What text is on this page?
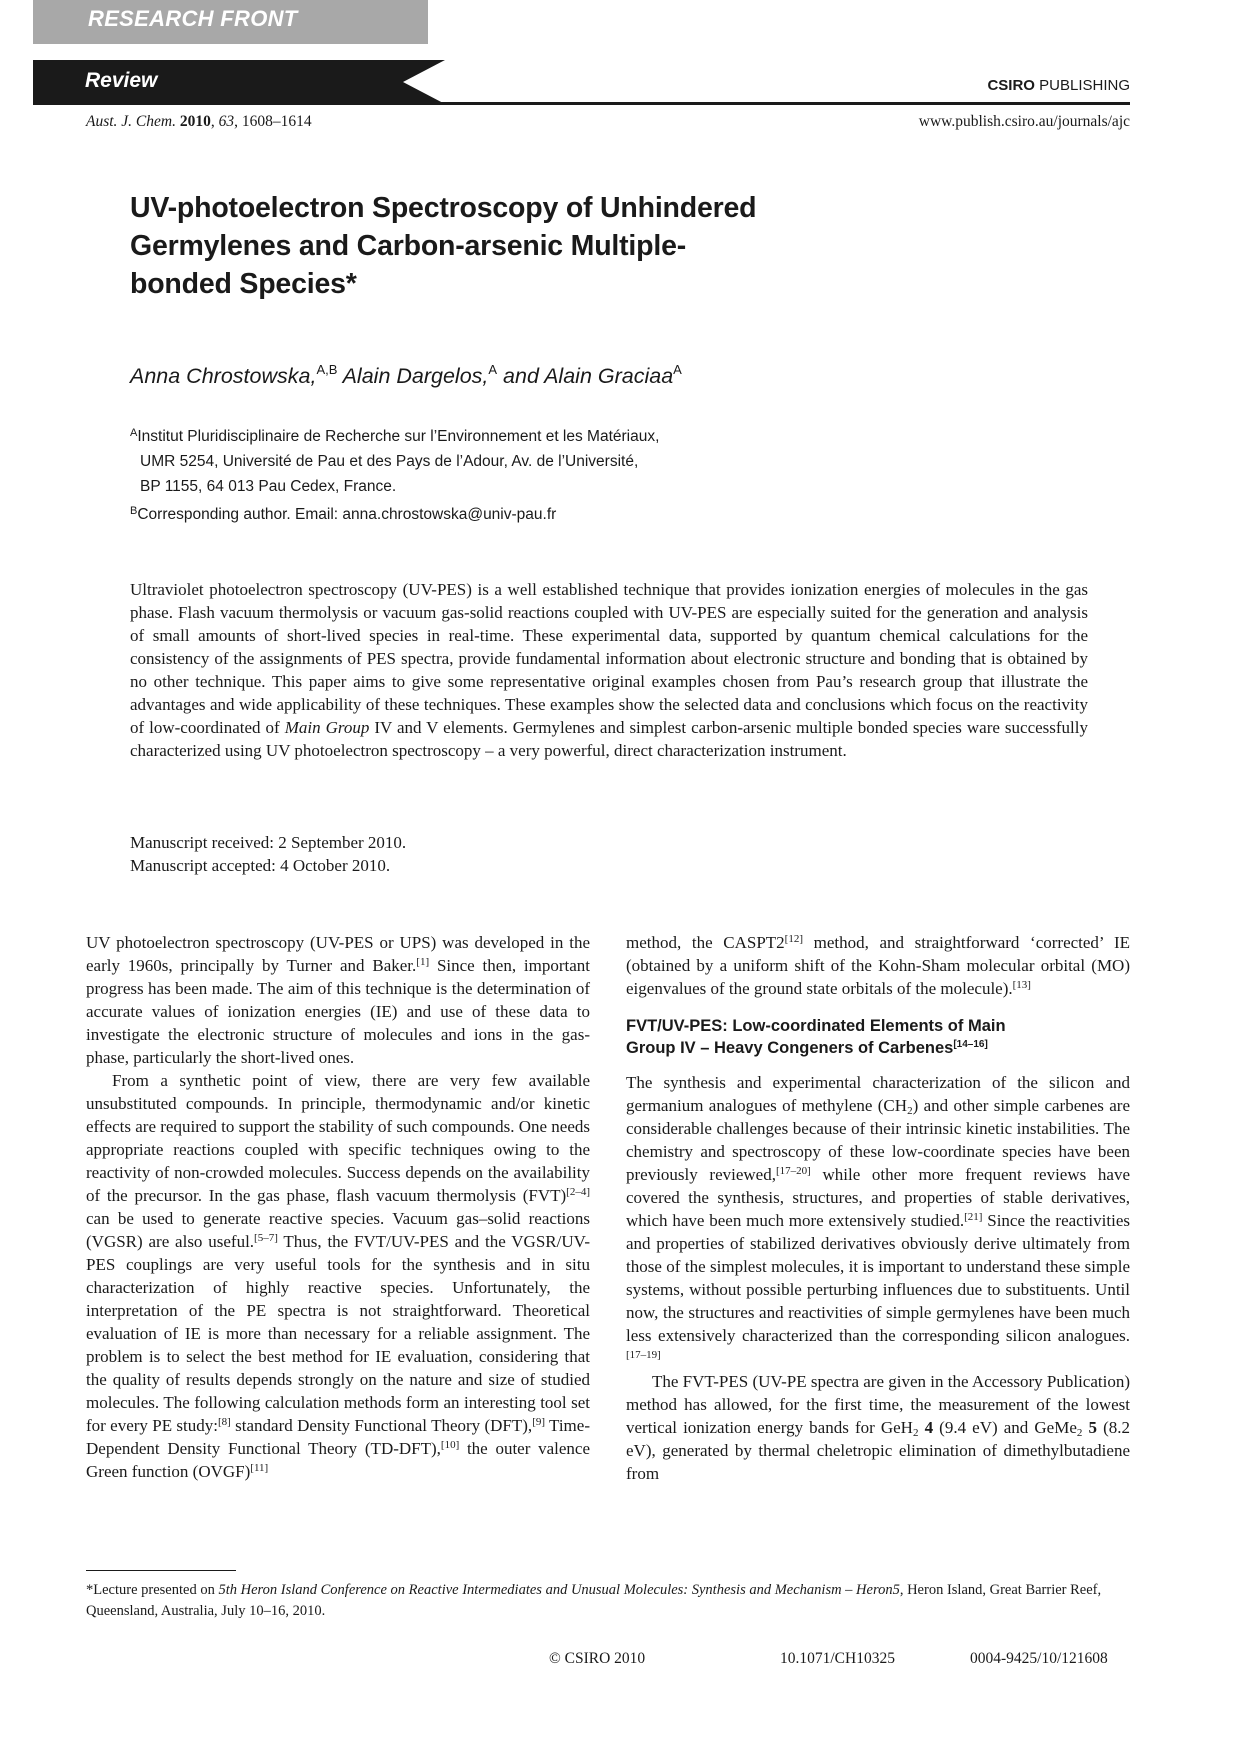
RESEARCH FRONT
Review	CSIRO PUBLISHING
Aust. J. Chem. 2010, 63, 1608–1614	www.publish.csiro.au/journals/ajc
UV-photoelectron Spectroscopy of Unhindered
Germylenes and Carbon-arsenic Multiple-
bonded Species*
Anna Chrostowska,$^{A,B}$ Alain Dargelos,$^A$ and Alain Graciaa$^A$
$^A$Institut Pluridisciplinaire de Recherche sur l’Environnement et les Matériaux,
UMR 5254, Université de Pau et des Pays de l’Adour, Av. de l’Université,
BP 1155, 64 013 Pau Cedex, France.
$^B$Corresponding author. Email: anna.chrostowska@univ-pau.fr
Ultraviolet photoelectron spectroscopy (UV-PES) is a well established technique that provides ionization energies of molecules in the gas phase. Flash vacuum thermolysis or vacuum gas-solid reactions coupled with UV-PES are especially suited for the generation and analysis of small amounts of short-lived species in real-time. These experimental data, supported by quantum chemical calculations for the consistency of the assignments of PES spectra, provide fundamental information about electronic structure and bonding that is obtained by no other technique. This paper aims to give some representative original examples chosen from Pau’s research group that illustrate the advantages and wide applicability of these techniques. These examples show the selected data and conclusions which focus on the reactivity of low-coordinated of Main Group IV and V elements. Germylenes and simplest carbon-arsenic multiple bonded species ware successfully characterized using UV photoelectron spectroscopy – a very powerful, direct characterization instrument.
Manuscript received: 2 September 2010.
Manuscript accepted: 4 October 2010.

UV photoelectron spectroscopy (UV-PES or UPS) was developed in the early 1960s, principally by Turner and Baker.[1] Since then, important progress has been made. The aim of this technique is the determination of accurate values of ionization energies (IE) and use of these data to investigate the electronic structure of molecules and ions in the gas-phase, particularly the short-lived ones.

From a synthetic point of view, there are very few available unsubstituted compounds. In principle, thermodynamic and/or kinetic effects are required to support the stability of such compounds. One needs appropriate reactions coupled with specific techniques owing to the reactivity of non-crowded molecules. Success depends on the availability of the precursor. In the gas phase, flash vacuum thermolysis (FVT)[2–4] can be used to generate reactive species. Vacuum gas–solid reactions (VGSR) are also useful.[5–7] Thus, the FVT/UV-PES and the VGSR/UV-PES couplings are very useful tools for the synthesis and in situ characterization of highly reactive species. Unfortunately, the interpretation of the PE spectra is not straightforward. Theoretical evaluation of IE is more than necessary for a reliable assignment. The problem is to select the best method for IE evaluation, considering that the quality of results depends strongly on the nature and size of studied molecules. The following calculation methods form an interesting tool set for every PE study:[8] standard Density Functional Theory (DFT),[9] Time-Dependent Density Functional Theory (TD-DFT),[10] the outer valence Green function (OVGF)[11]

method, the CASPT2[12] method, and straightforward ‘corrected’ IE (obtained by a uniform shift of the Kohn-Sham molecular orbital (MO) eigenvalues of the ground state orbitals of the molecule).[13]

FVT/UV-PES: Low-coordinated Elements of Main
Group IV – Heavy Congeners of Carbenes[14–16]

The synthesis and experimental characterization of the silicon and germanium analogues of methylene $(CH_2)$ and other simple carbenes are considerable challenges because of their intrinsic kinetic instabilities. The chemistry and spectroscopy of these low-coordinate species have been previously reviewed,[17–20] while other more frequent reviews have covered the synthesis, structures, and properties of stable derivatives, which have been much more extensively studied.[21] Since the reactivities and properties of stabilized derivatives obviously derive ultimately from those of the simplest molecules, it is important to understand these simple systems, without possible perturbing influences due to substituents. Until now, the structures and reactivities of simple germylenes have been much less extensively characterized than the corresponding silicon analogues.[17–19]

The FVT-PES (UV-PE spectra are given in the Accessory Publication) method has allowed, for the first time, the measurement of the lowest vertical ionization energy bands for GeH$_2$ 4 (9.4 eV) and GeMe$_2$ 5 (8.2 eV), generated by thermal cheletropic elimination of dimethylbutadiene from

*Lecture presented on 5th Heron Island Conference on Reactive Intermediates and Unusual Molecules: Synthesis and Mechanism – Heron5, Heron Island, Great Barrier Reef, Queensland, Australia, July 10–16, 2010.
© CSIRO 2010	10.1071/CH10325	0004-9425/10/121608
